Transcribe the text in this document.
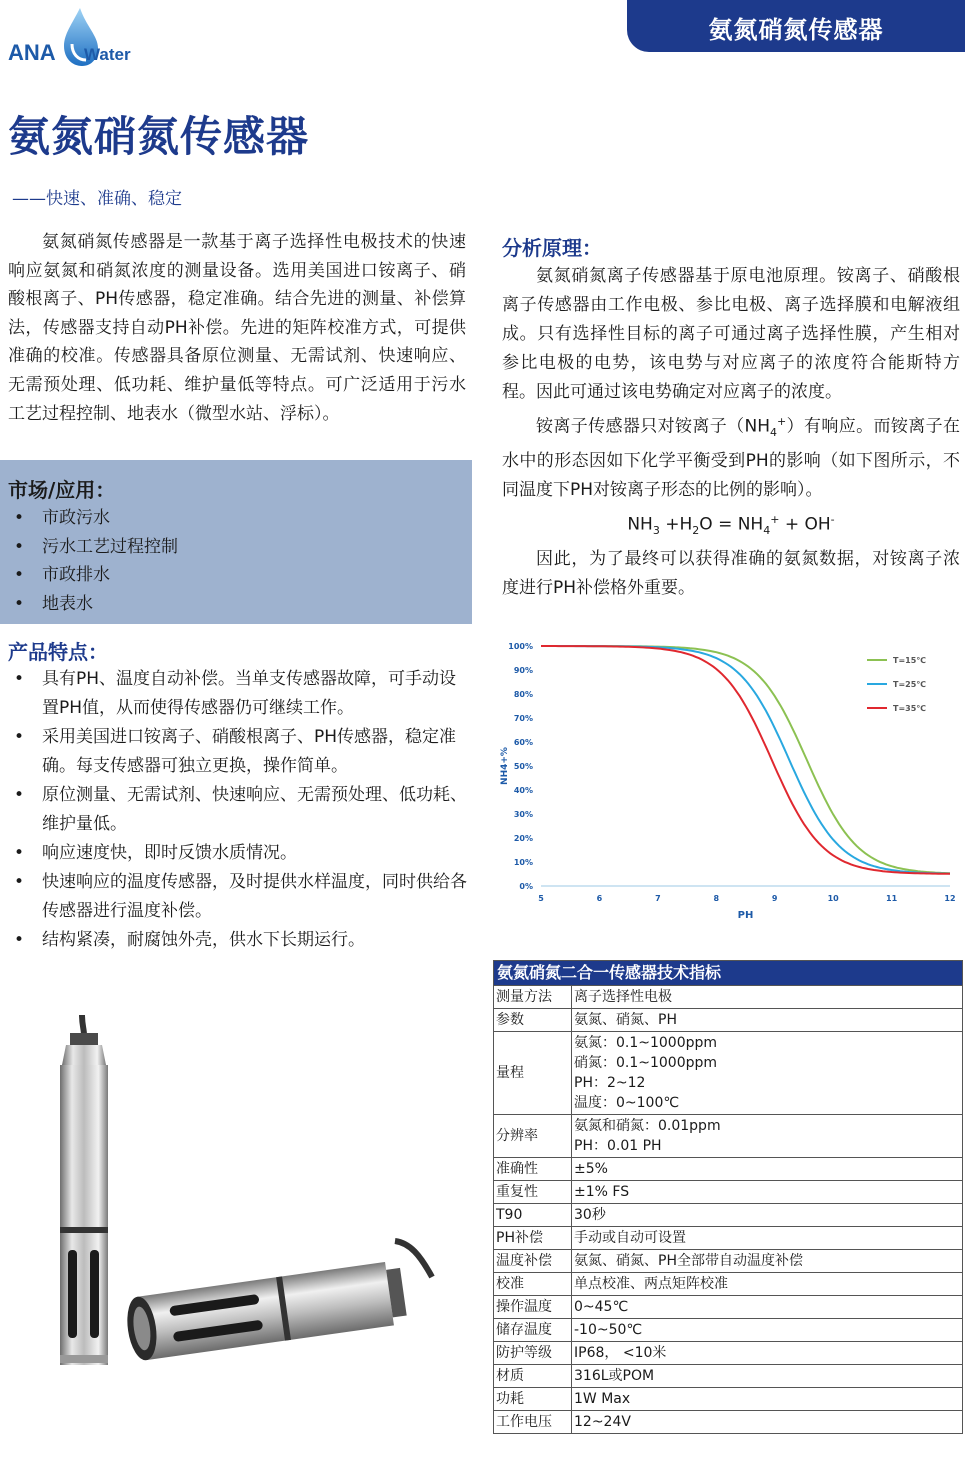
ANA Water
氨氮硝氮传感器
氨氮硝氮传感器
——快速、准确、稳定

氨氮硝氮传感器是一款基于离子选择性电极技术的快速响应氨氮和硝氮浓度的测量设备。选用美国进口铵离子、硝酸根离子、PH传感器，稳定准确。结合先进的测量、补偿算法，传感器支持自动PH补偿。先进的矩阵校准方式，可提供准确的校准。传感器具备原位测量、无需试剂、快速响应、无需预处理、低功耗、维护量低等特点。可广泛适用于污水工艺过程控制、地表水（微型水站、浮标）。

市场/应用：
• 市政污水
• 污水工艺过程控制
• 市政排水
• 地表水
产品特点：
• 具有PH、温度自动补偿。当单支传感器故障，可手动设置PH值，从而使得传感器仍可继续工作。
• 采用美国进口铵离子、硝酸根离子、PH传感器，稳定准确。每支传感器可独立更换，操作简单。
• 原位测量、无需试剂、快速响应、无需预处理、低功耗、维护量低。
• 响应速度快，即时反馈水质情况。
• 快速响应的温度传感器，及时提供水样温度，同时供给各传感器进行温度补偿。
• 结构紧凑，耐腐蚀外壳，供水下长期运行。
分析原理：

氨氮硝氮离子传感器基于原电池原理。铵离子、硝酸根离子传感器由工作电极、参比电极、离子选择膜和电解液组成。只有选择性目标的离子可通过离子选择性膜，产生相对参比电极的电势，该电势与对应离子的浓度符合能斯特方程。因此可通过该电势确定对应离子的浓度。

铵离子传感器只对铵离子$(NH_4^+)$有响应。而铵离子在水中的形态因如下化学平衡受到PH的影响（如下图所示，不同温度下PH对铵离子形态的比例的影响）。

$NH_3 +H_2O = NH_4^+ + OH^-$

因此，为了最终可以获得准确的氨氮数据，对铵离子浓度进行PH补偿格外重要。

0%
10%
20%
30%
40%
50%
60%
70%
80%
90%
100%
5	6	7	8	9	10	11	12
PH
NH4+%
T=15℃
T=25℃
T=35℃
氨氮硝氮二合一传感器技术指标	
测量方法	离子选择性电极

参数	氨氮、硝氮、PH

量程	氨氮：0.1~1000ppm
硝氮：0.1~1000ppm
PH：2~12
温度：0~100℃

分辨率	氨氮和硝氮：0.01ppm
PH：0.01 PH

准确性	±5%

重复性	±1% FS

T90	30秒

PH补偿	手动或自动可设置

温度补偿	氨氮、硝氮、PH全部带自动温度补偿

校准	单点校准、两点矩阵校准

操作温度	0~45℃

储存温度	-10~50℃

防护等级	IP68， <10米

材质	316L或POM

功耗	1W Max

工作电压	12~24V
